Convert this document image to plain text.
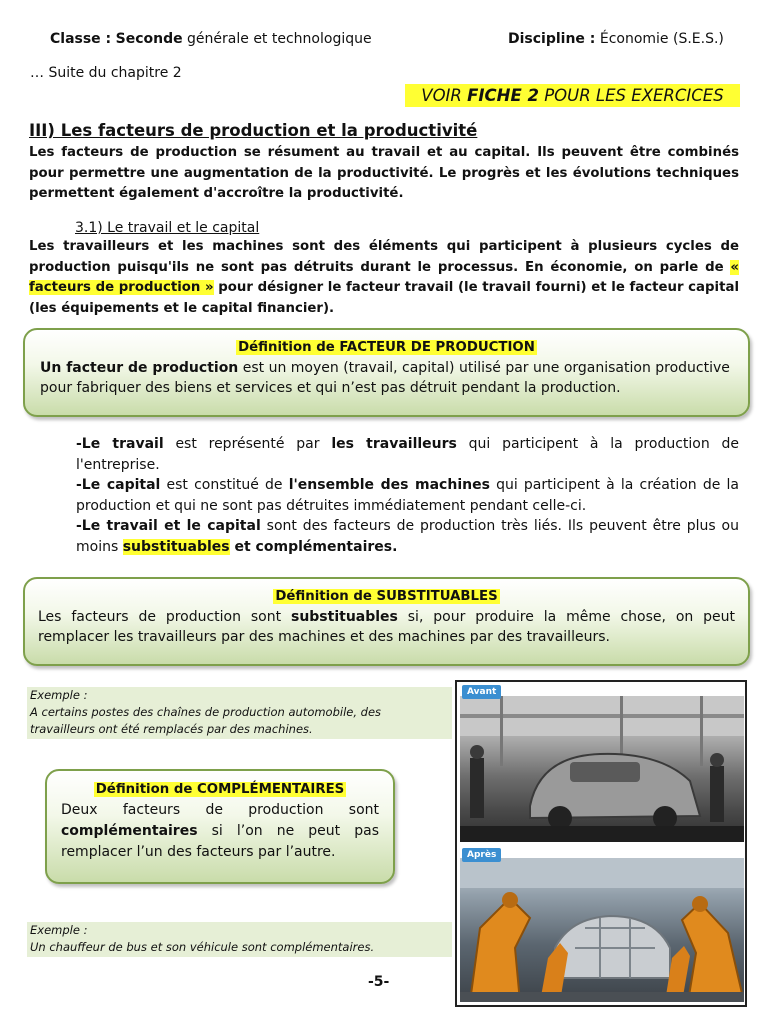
Classe : Seconde générale et technologique	Discipline : Économie (S.E.S.)
… Suite du chapitre 2
VOIR FICHE 2 POUR LES EXERCICES
III) Les facteurs de production et la productivité
Les facteurs de production se résument au travail et au capital. Ils peuvent être combinés pour permettre une augmentation de la productivité. Le progrès et les évolutions techniques permettent également d'accroître la productivité.
3.1) Le travail et le capital
Les travailleurs et les machines sont des éléments qui participent à plusieurs cycles de production puisqu'ils ne sont pas détruits durant le processus. En économie, on parle de « facteurs de production » pour désigner le facteur travail (le travail fourni) et le facteur capital (les équipements et le capital financier).
Définition de FACTEUR DE PRODUCTION
Un facteur de production est un moyen (travail, capital) utilisé par une organisation productive pour fabriquer des biens et services et qui n’est pas détruit pendant la production.

-Le travail est représenté par les travailleurs qui participent à la production de l'entreprise.

-Le capital est constitué de l'ensemble des machines qui participent à la création de la production et qui ne sont pas détruites immédiatement pendant celle-ci.

-Le travail et le capital sont des facteurs de production très liés. Ils peuvent être plus ou moins substituables et complémentaires.

Définition de SUBSTITUABLES
Les facteurs de production sont substituables si, pour produire la même chose, on peut remplacer les travailleurs par des machines et des machines par des travailleurs.
Exemple :
A certains postes des chaînes de production automobile, des travailleurs ont été remplacés par des machines.
Définition de COMPLÉMENTAIRES
Deux facteurs de production sont complémentaires si l’on ne peut pas remplacer l’un des facteurs par l’autre.
Exemple :
Un chauffeur de bus et son véhicule sont complémentaires.
Avant
Après
-5-
